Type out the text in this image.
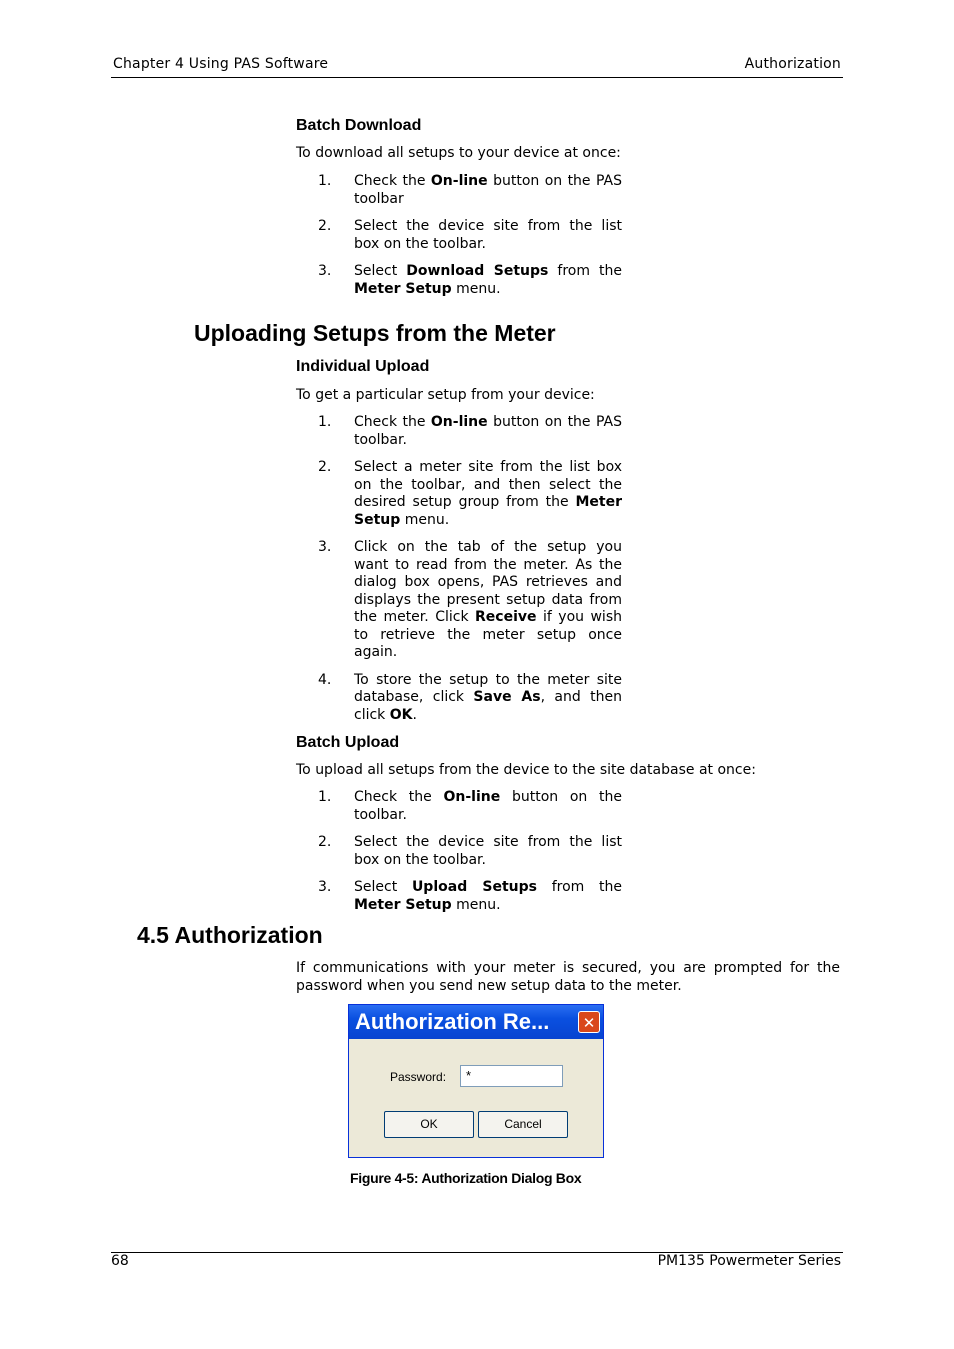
Chapter 4 Using PAS Software	Authorization
Batch Download
To download all setups to your device at once:
1. Check the On-line button on the PAS toolbar
2. Select the device site from the list box on the toolbar.
3. Select Download Setups from the Meter Setup menu.
Uploading Setups from the Meter
Individual Upload
To get a particular setup from your device:
1. Check the On-line button on the PAS toolbar.
2. Select a meter site from the list box on the toolbar, and then select the desired setup group from the Meter Setup menu.
3. Click on the tab of the setup you want to read from the meter. As the dialog box opens, PAS retrieves and displays the present setup data from the meter. Click Receive if you wish to retrieve the meter setup once again.
4. To store the setup to the meter site database, click Save As, and then click OK.
Batch Upload
To upload all setups from the device to the site database at once:
1. Check the On-line button on the toolbar.
2. Select the device site from the list box on the toolbar.
3. Select Upload Setups from the Meter Setup menu.
4.5 Authorization
If communications with your meter is secured, you are prompted for the password when you send new setup data to the meter.
Authorization Re...	✕
Password:	*
OK	Cancel
Figure 4-5: Authorization Dialog Box
68	PM135 Powermeter Series
